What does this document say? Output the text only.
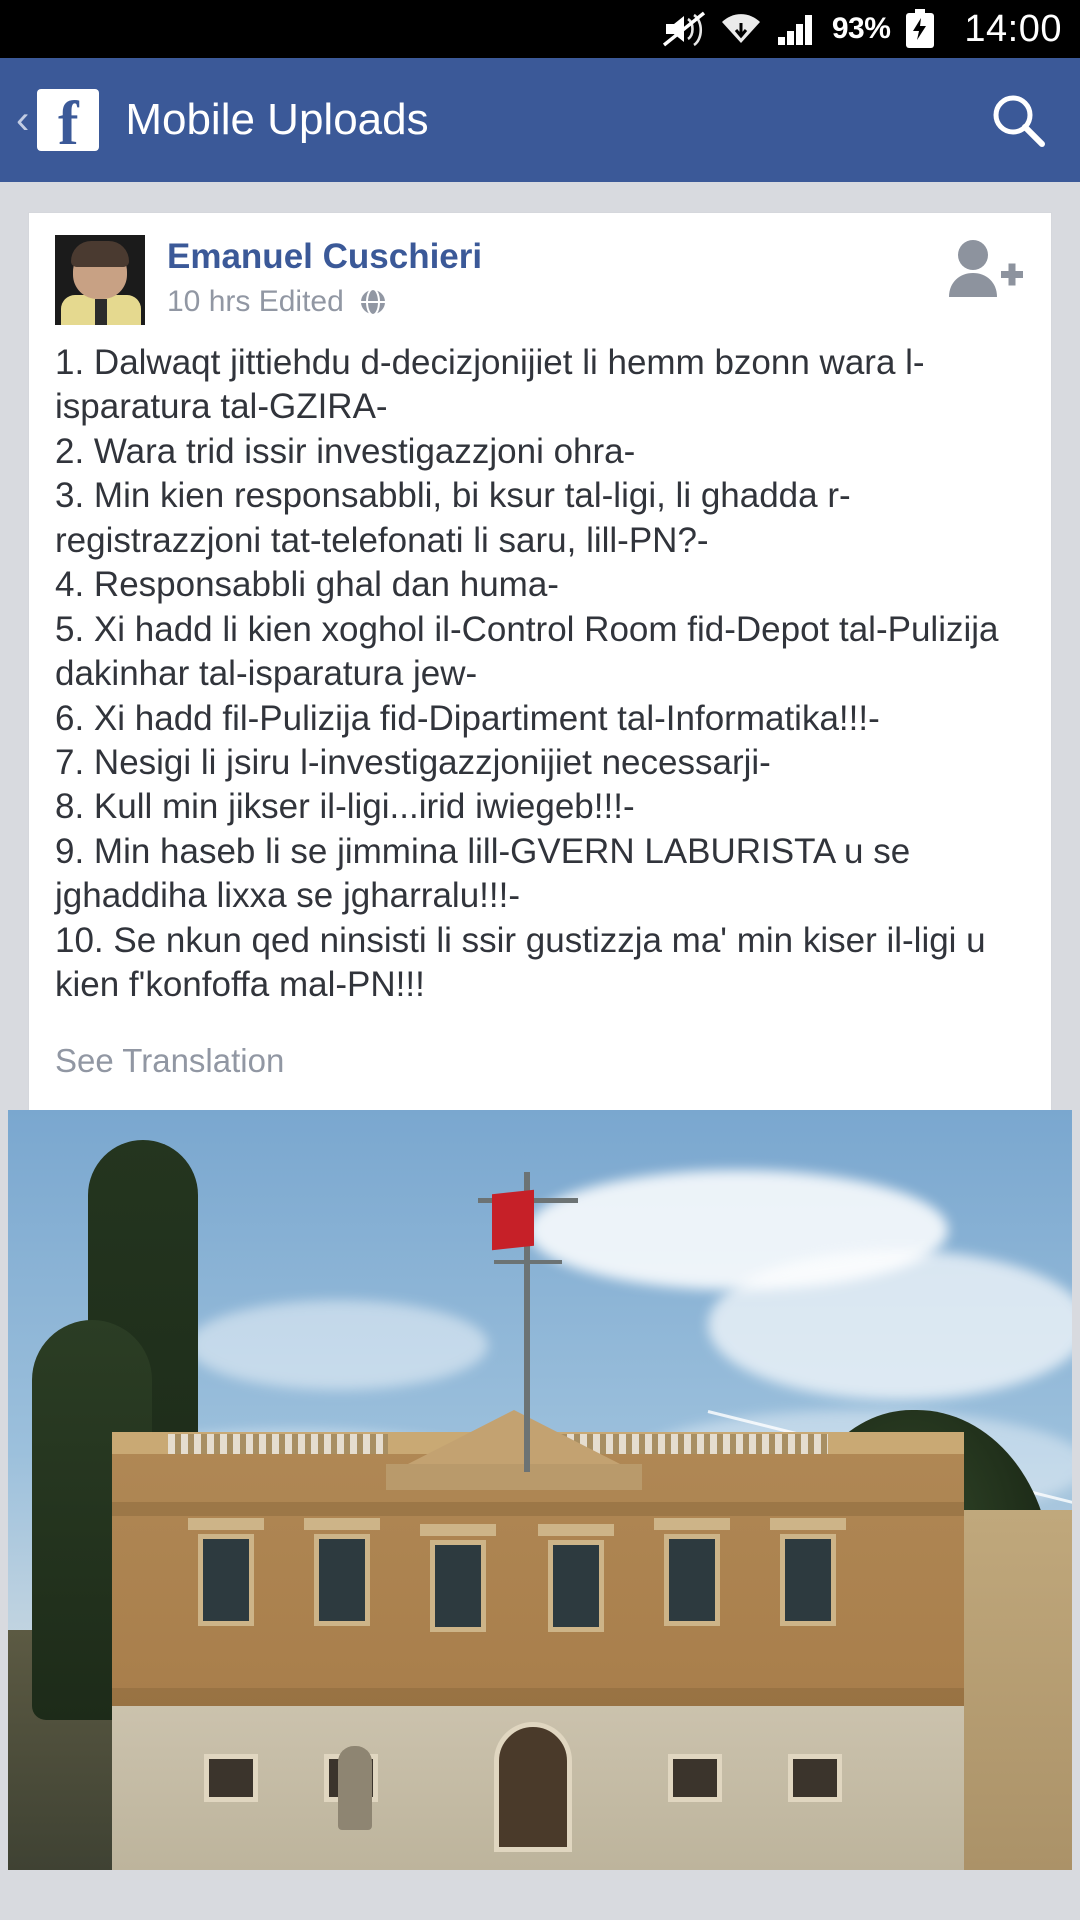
93% 14:00
‹ f	Mobile Uploads
Emanuel Cuschieri
10 hrs Edited
1. Dalwaqt jittiehdu d-decizjonijiet li hemm bzonn wara l-isparatura tal-GZIRA-
2. Wara trid issir investigazzjoni ohra-
3. Min kien responsabbli, bi ksur tal-ligi, li ghadda r-registrazzjoni tat-telefonati li saru, lill-PN?-
4. Responsabbli ghal dan huma-
5. Xi hadd li kien xoghol il-Control Room fid-Depot tal-Pulizija dakinhar tal-isparatura jew-
6. Xi hadd fil-Pulizija fid-Dipartiment tal-Informatika!!!-
7. Nesigi li jsiru l-investigazzjonijiet necessarji-
8. Kull min jikser il-ligi...irid iwiegeb!!!-
9. Min haseb li se jimmina lill-GVERN LABURISTA u se jghaddiha lixxa se jgharralu!!!-
10. Se nkun qed ninsisti li ssir gustizzja ma' min kiser il-ligi u kien f'konfoffa mal-PN!!!
See Translation
